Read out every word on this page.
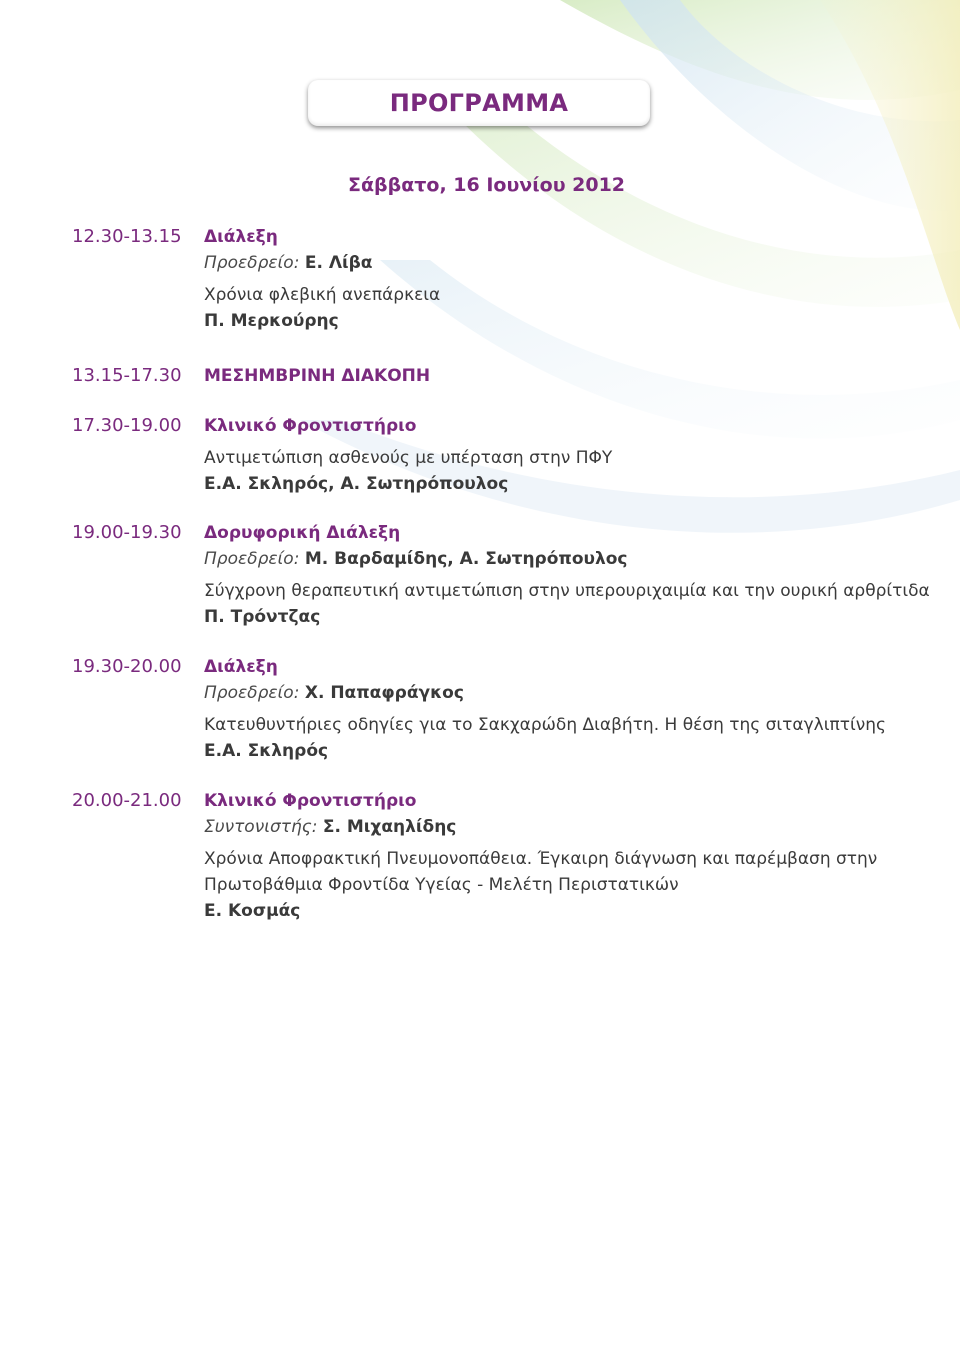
ΠΡΟΓΡΑΜΜΑ
Σάββατο, 16 Ιουνίου 2012
12.30-13.15	Διάλεξη
Προεδρείο: Ε. Λίβα
Χρόνια φλεβική ανεπάρκεια
Π. Μερκούρης
13.15-17.30	ΜΕΣΗΜΒΡΙΝΗ ΔΙΑΚΟΠΗ
17.30-19.00	Κλινικό Φροντιστήριο
Αντιμετώπιση ασθενούς με υπέρταση στην ΠΦΥ
Ε.Α. Σκληρός, Α. Σωτηρόπουλος
19.00-19.30	Δορυφορική Διάλεξη
Προεδρείο: Μ. Βαρδαμίδης, Α. Σωτηρόπουλος
Σύγχρονη θεραπευτική αντιμετώπιση στην υπερουριχαιμία και την ουρική αρθρίτιδα
Π. Τρόντζας
19.30-20.00	Διάλεξη
Προεδρείο: Χ. Παπαφράγκος
Κατευθυντήριες οδηγίες για το Σακχαρώδη Διαβήτη. Η θέση της σιταγλιπτίνης
Ε.Α. Σκληρός
20.00-21.00	Κλινικό Φροντιστήριο
Συντονιστής: Σ. Μιχαηλίδης
Χρόνια Αποφρακτική Πνευμονοπάθεια. Έγκαιρη διάγνωση και παρέμβαση στην
Πρωτοβάθμια Φροντίδα Υγείας - Μελέτη Περιστατικών
Ε. Κοσμάς
